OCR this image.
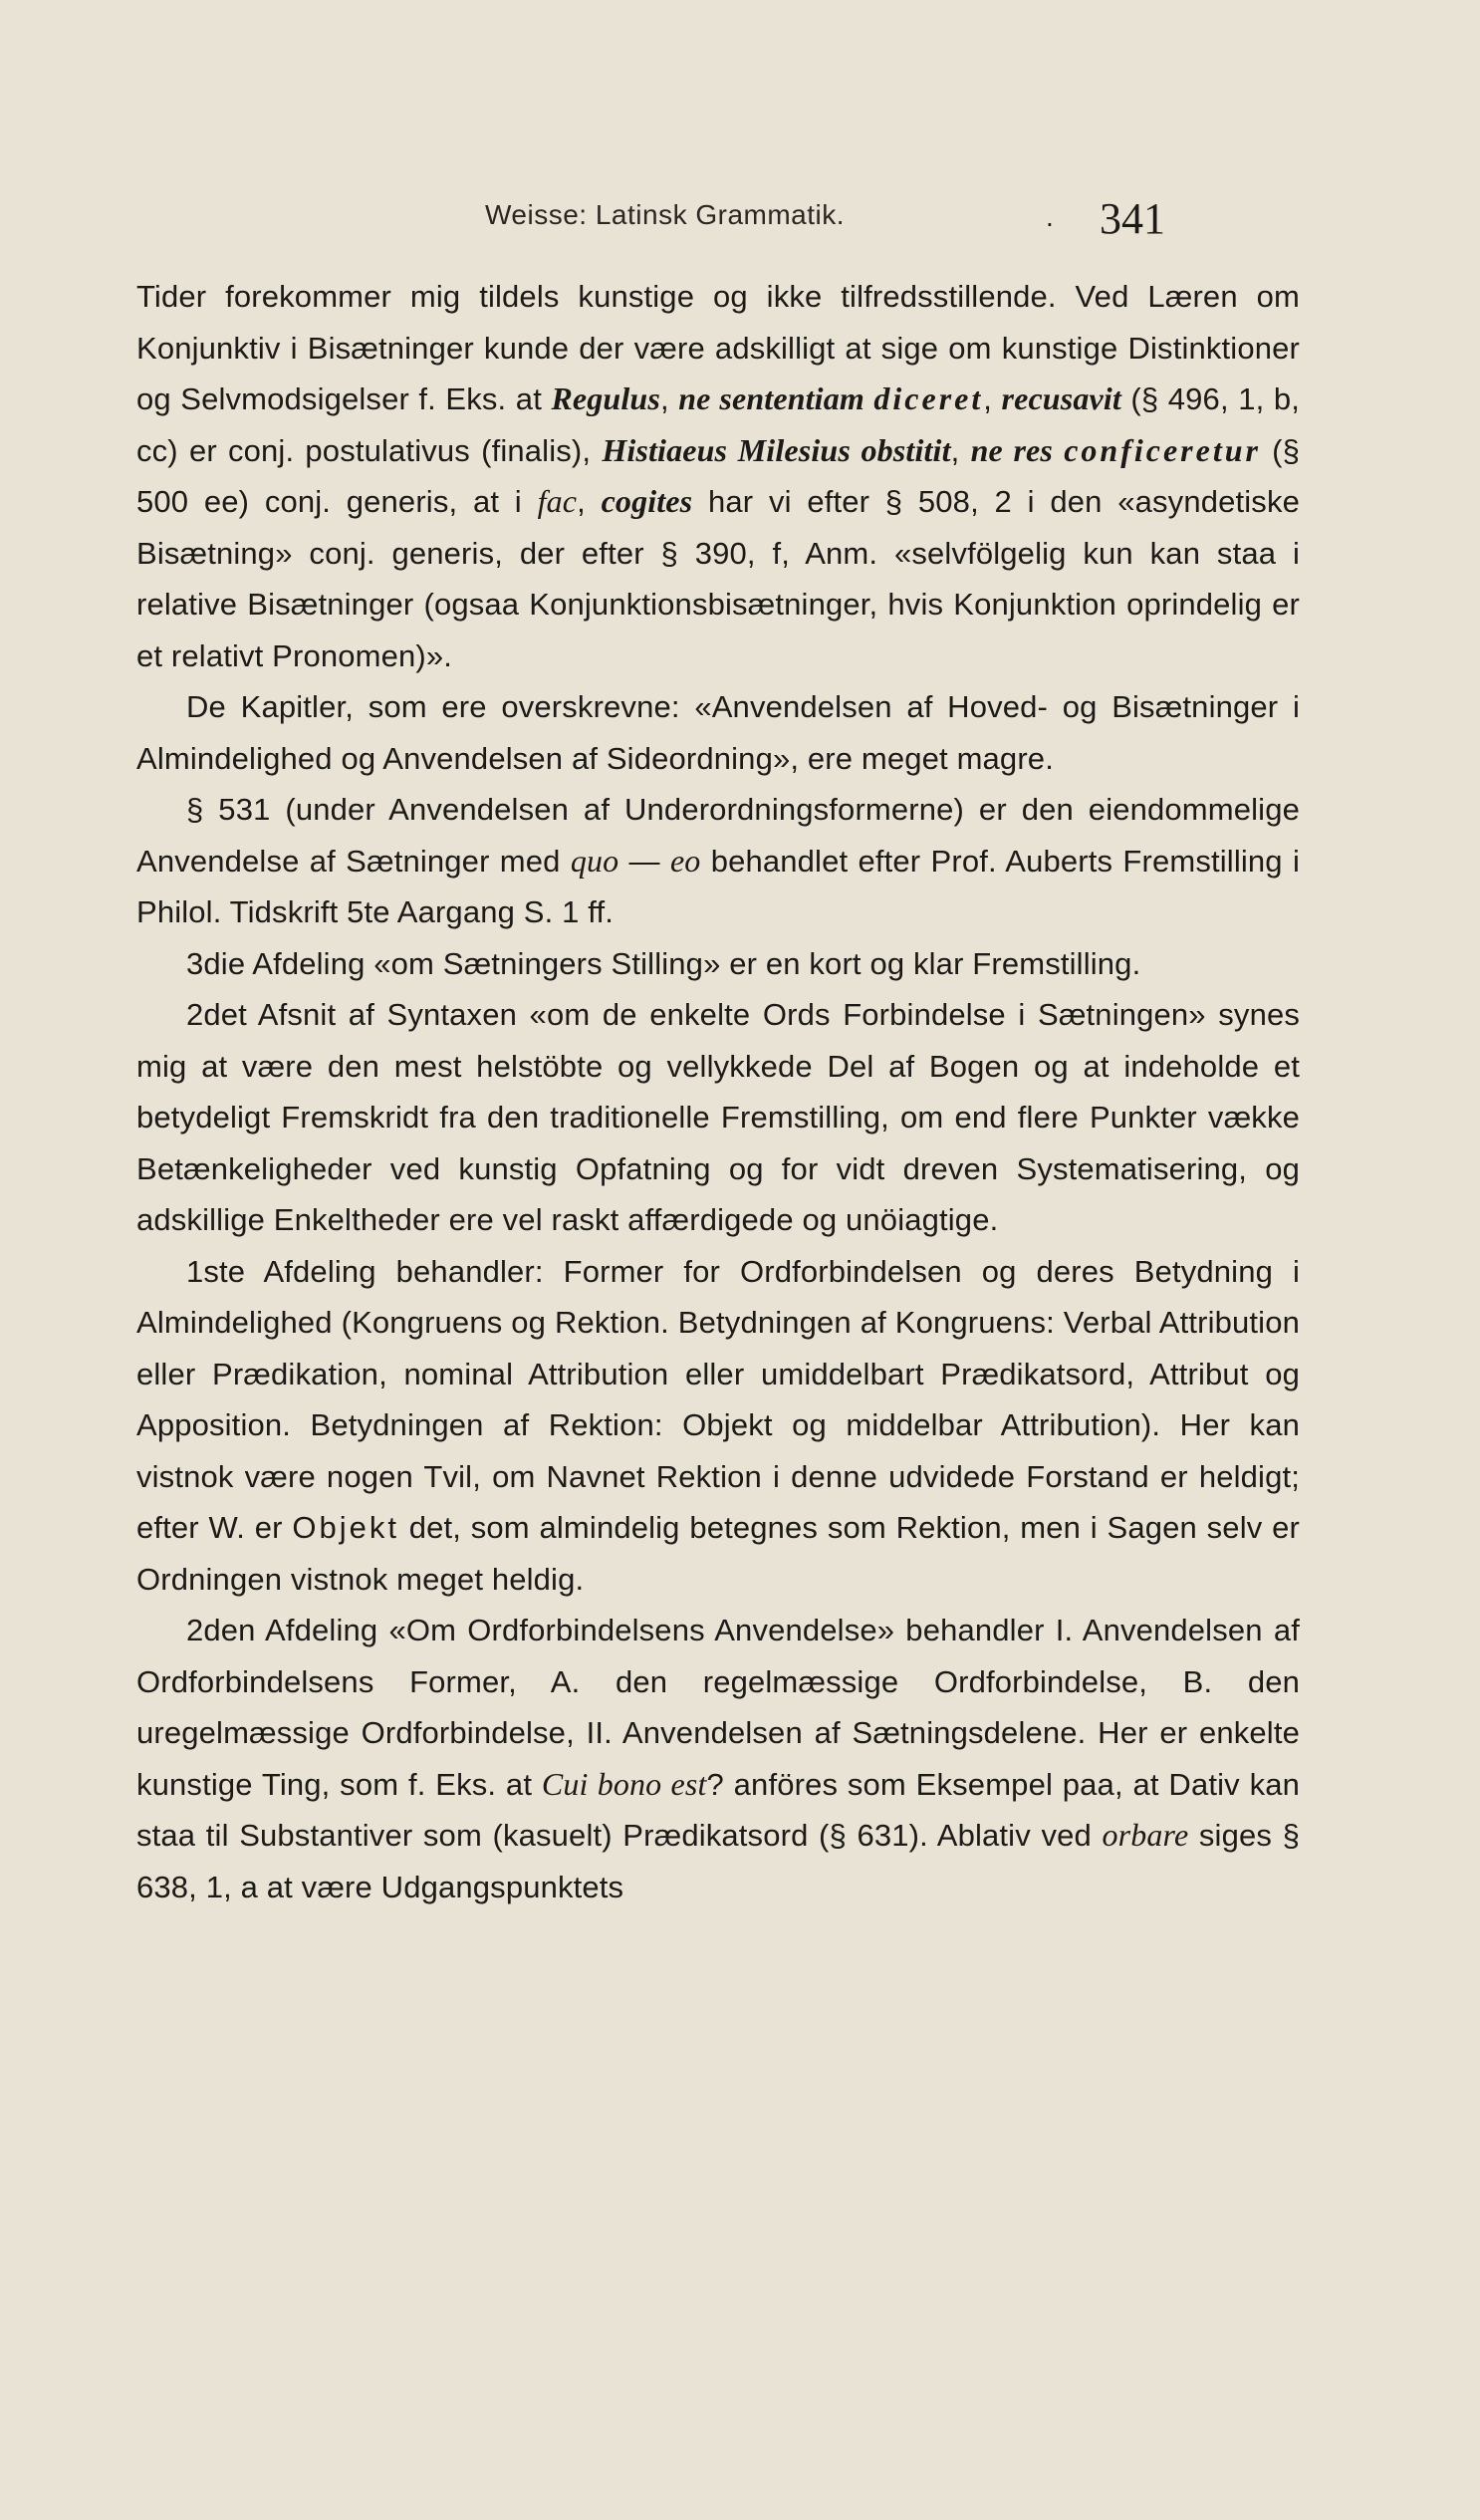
Weisse: Latinsk Grammatik.	. 341

Tider forekommer mig tildels kunstige og ikke tilfredsstillende. Ved Læren om Konjunktiv i Bisætninger kunde der være adskilligt at sige om kunstige Distinktioner og Selvmodsigelser f. Eks. at Regulus, ne sententiam diceret, recusavit (§ 496, 1, b, cc) er conj. postulativus (finalis), Histiaeus Milesius obstitit, ne res conficeretur (§ 500 ee) conj. generis, at i fac, cogites har vi efter § 508, 2 i den «asyndetiske Bisætning» conj. generis, der efter § 390, f, Anm. «selvfölgelig kun kan staa i relative Bisætninger (ogsaa Konjunktionsbisætninger, hvis Konjunktion oprindelig er et relativt Pronomen)».

De Kapitler, som ere overskrevne: «Anvendelsen af Hoved- og Bisætninger i Almindelighed og Anvendelsen af Sideordning», ere meget magre.

§ 531 (under Anvendelsen af Underordningsformerne) er den eiendommelige Anvendelse af Sætninger med quo — eo behandlet efter Prof. Auberts Fremstilling i Philol. Tidskrift 5te Aargang S. 1 ff.

3die Afdeling «om Sætningers Stilling» er en kort og klar Fremstilling.

2det Afsnit af Syntaxen «om de enkelte Ords Forbindelse i Sætningen» synes mig at være den mest helstöbte og vellykkede Del af Bogen og at indeholde et betydeligt Fremskridt fra den traditionelle Fremstilling, om end flere Punkter vække Betænkeligheder ved kunstig Opfatning og for vidt dreven Systematisering, og adskillige Enkeltheder ere vel raskt affærdigede og unöiagtige.

1ste Afdeling behandler: Former for Ordforbindelsen og deres Betydning i Almindelighed (Kongruens og Rektion. Betydningen af Kongruens: Verbal Attribution eller Prædikation, nominal Attribution eller umiddelbart Prædikatsord, Attribut og Apposition. Betydningen af Rektion: Objekt og middelbar Attribution). Her kan vistnok være nogen Tvil, om Navnet Rektion i denne udvidede Forstand er heldigt; efter W. er Objekt det, som almindelig betegnes som Rektion, men i Sagen selv er Ordningen vistnok meget heldig.

2den Afdeling «Om Ordforbindelsens Anvendelse» behandler I. Anvendelsen af Ordforbindelsens Former, A. den regelmæssige Ordforbindelse, B. den uregelmæssige Ordforbindelse, II. Anvendelsen af Sætningsdelene. Her er enkelte kunstige Ting, som f. Eks. at Cui bono est? anföres som Eksempel paa, at Dativ kan staa til Substantiver som (kasuelt) Prædikatsord (§ 631). Ablativ ved orbare siges § 638, 1, a at være Udgangspunktets
